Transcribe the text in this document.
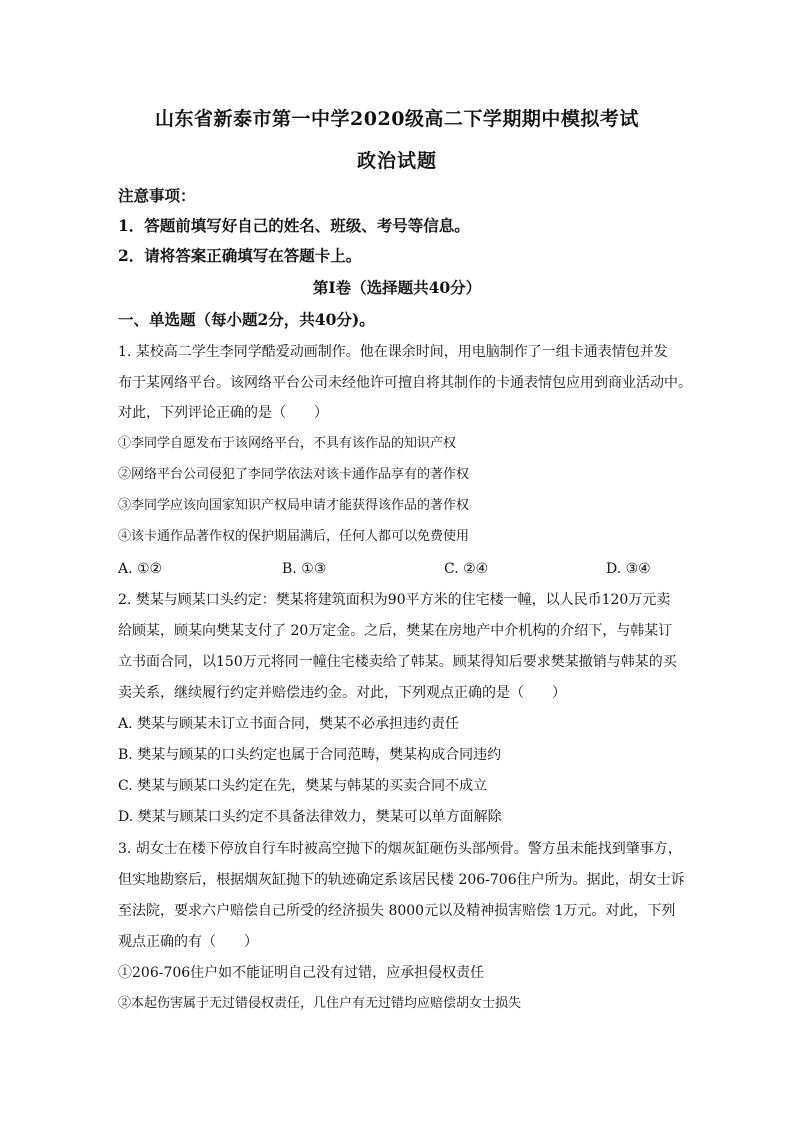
山东省新泰市第一中学2020级高二下学期期中模拟考试
政治试题
注意事项：
1．答题前填写好自己的姓名、班级、考号等信息。
2．请将答案正确填写在答题卡上。
第I卷（选择题共40分）
一、单选题（每小题2分，共40分)。
1. 某校高二学生李同学酷爱动画制作。他在课余时间，用电脑制作了一组卡通表情包并发
布于某网络平台。该网络平台公司未经他许可擅自将其制作的卡通表情包应用到商业活动中。
对此，下列评论正确的是（　　）
①李同学自愿发布于该网络平台，不具有该作品的知识产权
②网络平台公司侵犯了李同学依法对该卡通作品享有的著作权
③李同学应该向国家知识产权局申请才能获得该作品的著作权
④该卡通作品著作权的保护期届满后，任何人都可以免费使用
A. ①②	B. ①③	C. ②④	D. ③④
2. 樊某与顾某口头约定：樊某将建筑面积为90平方米的住宅楼一幢，以人民币120万元卖
给顾某，顾某向樊某支付了 20万定金。之后，樊某在房地产中介机构的介绍下，与韩某订
立书面合同，以150万元将同一幢住宅楼卖给了韩某。顾某得知后要求樊某撤销与韩某的买
卖关系，继续履行约定并赔偿违约金。对此，下列观点正确的是（　　）
A. 樊某与顾某未订立书面合同，樊某不必承担违约责任
B. 樊某与顾某的口头约定也属于合同范畴，樊某构成合同违约
C. 樊某与顾某口头约定在先，樊某与韩某的买卖合同不成立
D. 樊某与顾某口头约定不具备法律效力，樊某可以单方面解除
3. 胡女士在楼下停放自行车时被高空抛下的烟灰缸砸伤头部颅骨。警方虽未能找到肇事方，
但实地勘察后，根据烟灰缸抛下的轨迹确定系该居民楼 206-706住户所为。据此，胡女士诉
至法院，要求六户赔偿自己所受的经济损失 8000元以及精神损害赔偿 1万元。对此，下列
观点正确的有（　　）
①206-706住户如不能证明自己没有过错，应承担侵权责任
②本起伤害属于无过错侵权责任，几住户有无过错均应赔偿胡女士损失
